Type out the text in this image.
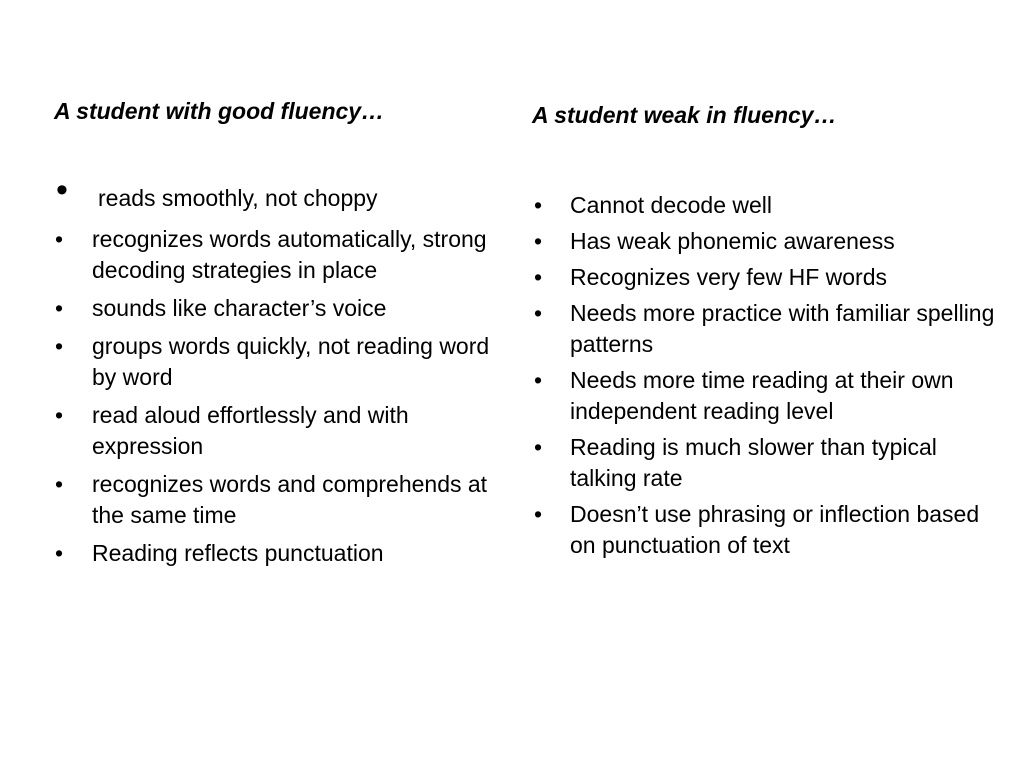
A student with good fluency…
• reads smoothly, not choppy
• recognizes words automatically, strong decoding strategies in place
• sounds like character’s voice
• groups words quickly, not reading word by word
• read aloud effortlessly and with expression
• recognizes words and comprehends at the same time
• Reading reflects punctuation
A student weak in fluency…
• Cannot decode well
• Has weak phonemic awareness
• Recognizes very few HF words
• Needs more practice with familiar spelling patterns
• Needs more time reading at their own independent reading level
• Reading is much slower than typical talking rate
• Doesn’t use phrasing or inflection based on punctuation of text
